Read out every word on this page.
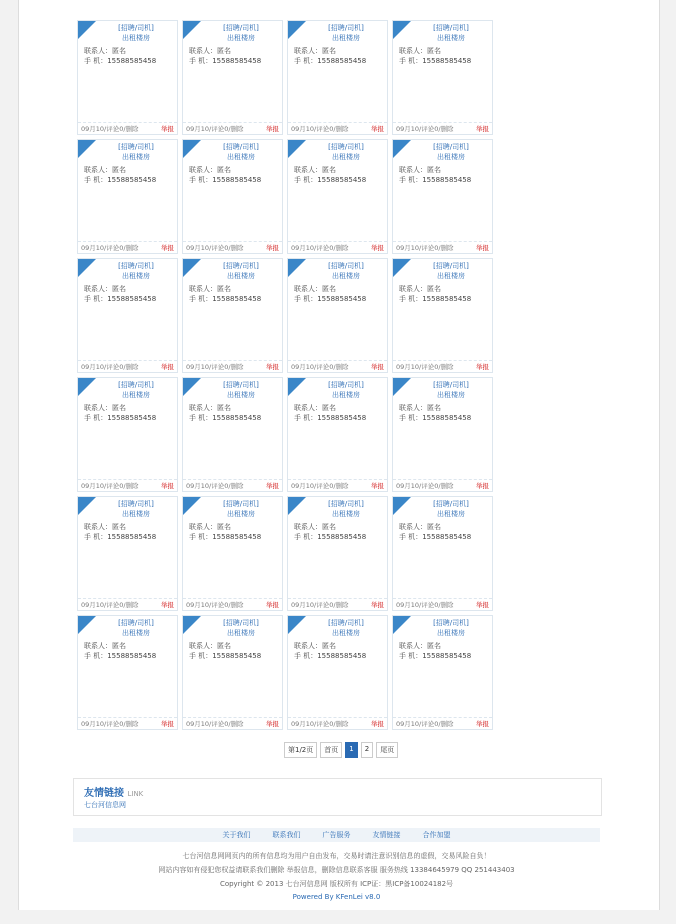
[招聘/司机]
出租楼房
联系人：匿名
手 机：15588585458
09月10/评论0/删除	举报
[招聘/司机]
出租楼房
联系人：匿名
手 机：15588585458
09月10/评论0/删除	举报
[招聘/司机]
出租楼房
联系人：匿名
手 机：15588585458
09月10/评论0/删除	举报
[招聘/司机]
出租楼房
联系人：匿名
手 机：15588585458
09月10/评论0/删除	举报
[招聘/司机]
出租楼房
联系人：匿名
手 机：15588585458
09月10/评论0/删除	举报
[招聘/司机]
出租楼房
联系人：匿名
手 机：15588585458
09月10/评论0/删除	举报
[招聘/司机]
出租楼房
联系人：匿名
手 机：15588585458
09月10/评论0/删除	举报
[招聘/司机]
出租楼房
联系人：匿名
手 机：15588585458
09月10/评论0/删除	举报
[招聘/司机]
出租楼房
联系人：匿名
手 机：15588585458
09月10/评论0/删除	举报
[招聘/司机]
出租楼房
联系人：匿名
手 机：15588585458
09月10/评论0/删除	举报
[招聘/司机]
出租楼房
联系人：匿名
手 机：15588585458
09月10/评论0/删除	举报
[招聘/司机]
出租楼房
联系人：匿名
手 机：15588585458
09月10/评论0/删除	举报
[招聘/司机]
出租楼房
联系人：匿名
手 机：15588585458
09月10/评论0/删除	举报
[招聘/司机]
出租楼房
联系人：匿名
手 机：15588585458
09月10/评论0/删除	举报
[招聘/司机]
出租楼房
联系人：匿名
手 机：15588585458
09月10/评论0/删除	举报
[招聘/司机]
出租楼房
联系人：匿名
手 机：15588585458
09月10/评论0/删除	举报
[招聘/司机]
出租楼房
联系人：匿名
手 机：15588585458
09月10/评论0/删除	举报
[招聘/司机]
出租楼房
联系人：匿名
手 机：15588585458
09月10/评论0/删除	举报
[招聘/司机]
出租楼房
联系人：匿名
手 机：15588585458
09月10/评论0/删除	举报
[招聘/司机]
出租楼房
联系人：匿名
手 机：15588585458
09月10/评论0/删除	举报
[招聘/司机]
出租楼房
联系人：匿名
手 机：15588585458
09月10/评论0/删除	举报
[招聘/司机]
出租楼房
联系人：匿名
手 机：15588585458
09月10/评论0/删除	举报
[招聘/司机]
出租楼房
联系人：匿名
手 机：15588585458
09月10/评论0/删除	举报
[招聘/司机]
出租楼房
联系人：匿名
手 机：15588585458
09月10/评论0/删除	举报
第1/2页	首页	1	2	尾页
友情链接 LINK
七台河信息网
关于我们	联系我们	广告服务	友情链接	合作加盟
七台河信息网网页内的所有信息均为用户自由发布，交易时请注意识别信息的虚假，交易风险自负！
网站内容如有侵犯您权益请联系我们删除 举报信息，删除信息联系客服 服务热线 13384645979 QQ 251443403
Copyright © 2013 七台河信息网 版权所有 ICP证：黑ICP备10024182号
Powered By KFenLei v8.0
